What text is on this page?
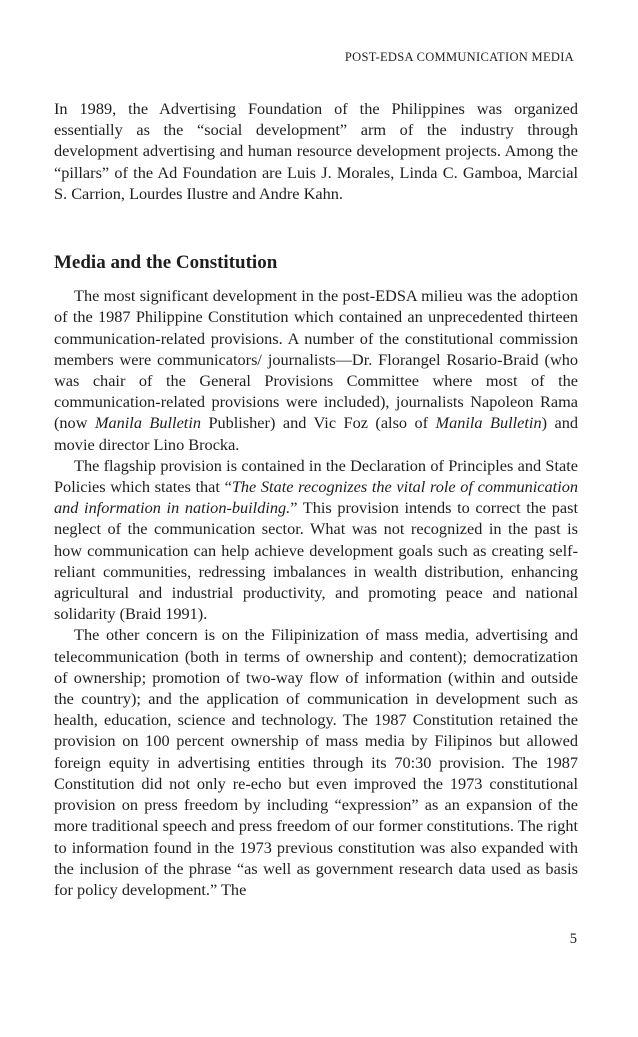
POST-EDSA COMMUNICATION MEDIA

In 1989, the Advertising Foundation of the Philippines was organized essentially as the “social development” arm of the industry through development advertising and human resource development projects. Among the “pillars” of the Ad Foundation are Luis J. Morales, Linda C. Gamboa, Marcial S. Carrion, Lourdes Ilustre and Andre Kahn.

Media and the Constitution

The most significant development in the post-EDSA milieu was the adoption of the 1987 Philippine Constitution which contained an unprecedented thirteen communication-related provisions. A number of the constitutional commission members were communicators/ journalists—Dr. Florangel Rosario-Braid (who was chair of the General Provisions Committee where most of the communication-related provisions were included), journalists Napoleon Rama (now Manila Bulletin Publisher) and Vic Foz (also of Manila Bulletin) and movie director Lino Brocka.

The flagship provision is contained in the Declaration of Principles and State Policies which states that “The State recognizes the vital role of communication and information in nation-building.” This provision intends to correct the past neglect of the communication sector. What was not recognized in the past is how communication can help achieve development goals such as creating self-reliant communities, redressing imbalances in wealth distribution, enhancing agricultural and industrial productivity, and promoting peace and national solidarity (Braid 1991).

The other concern is on the Filipinization of mass media, advertising and telecommunication (both in terms of ownership and content); democratization of ownership; promotion of two-way flow of information (within and outside the country); and the application of communication in development such as health, education, science and technology. The 1987 Constitution retained the provision on 100 percent ownership of mass media by Filipinos but allowed foreign equity in advertising entities through its 70:30 provision. The 1987 Constitution did not only re-echo but even improved the 1973 constitutional provision on press freedom by including “expression” as an expansion of the more traditional speech and press freedom of our former constitutions. The right to information found in the 1973 previous constitution was also expanded with the inclusion of the phrase “as well as government research data used as basis for policy development.” The

5
